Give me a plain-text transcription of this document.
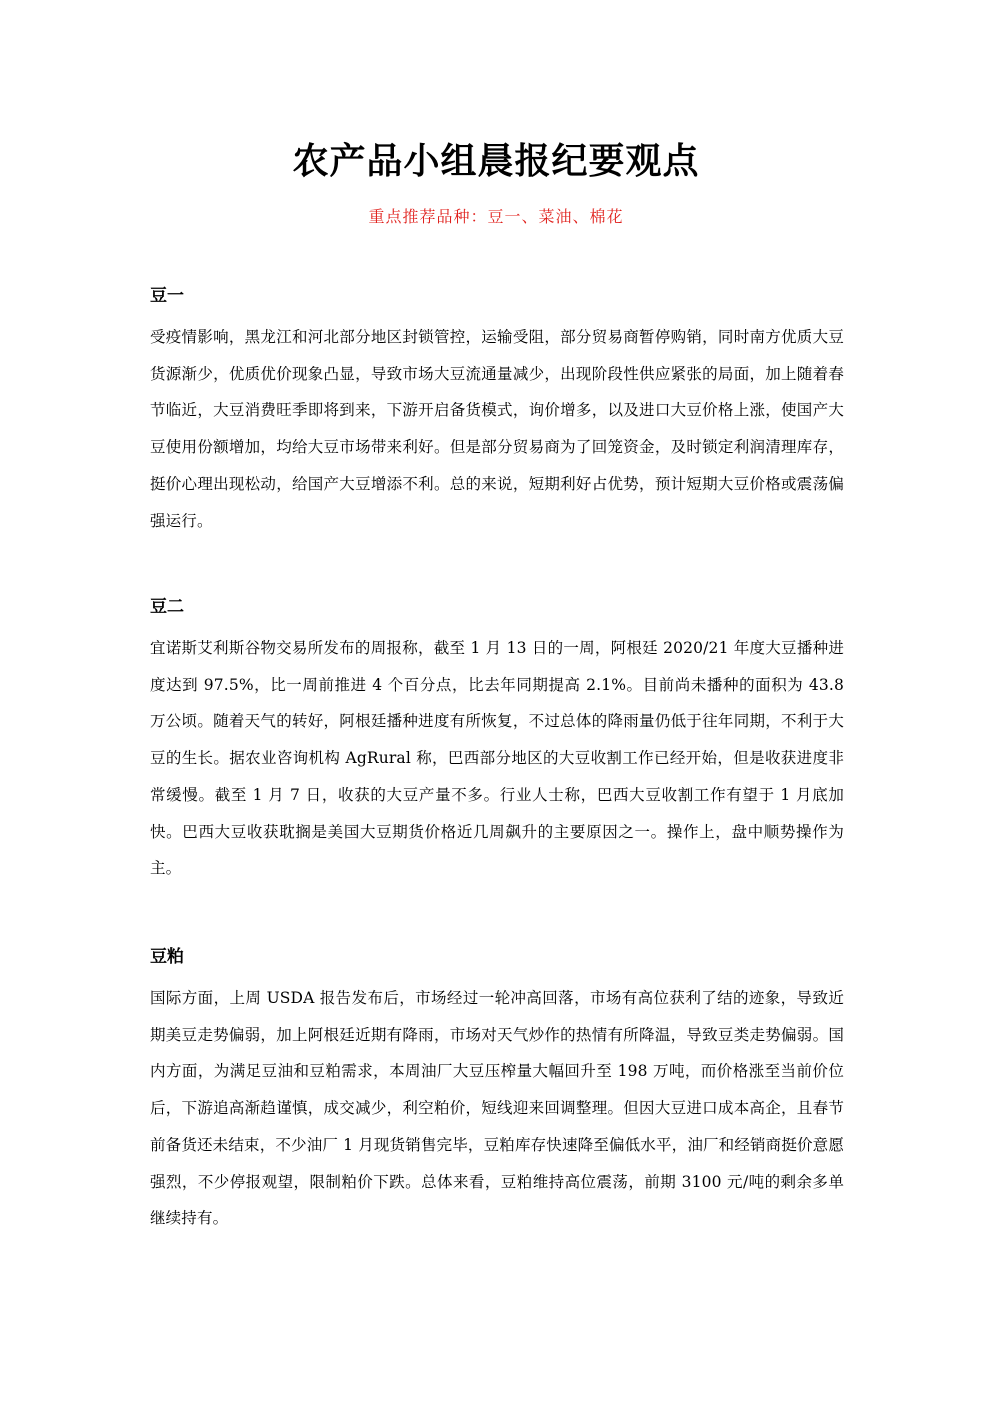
农产品小组晨报纪要观点

重点推荐品种：豆一、菜油、棉花

豆一

受疫情影响，黑龙江和河北部分地区封锁管控，运输受阻，部分贸易商暂停购销，同时南方优质大豆货源渐少，优质优价现象凸显，导致市场大豆流通量减少，出现阶段性供应紧张的局面，加上随着春节临近，大豆消费旺季即将到来，下游开启备货模式，询价增多，以及进口大豆价格上涨，使国产大豆使用份额增加，均给大豆市场带来利好。但是部分贸易商为了回笼资金，及时锁定利润清理库存，挺价心理出现松动，给国产大豆增添不利。总的来说，短期利好占优势，预计短期大豆价格或震荡偏强运行。

豆二

宜诺斯艾利斯谷物交易所发布的周报称，截至 1 月 13 日的一周，阿根廷 2020/21 年度大豆播种进度达到 97.5%，比一周前推进 4 个百分点，比去年同期提高 2.1%。目前尚未播种的面积为 43.8 万公顷。随着天气的转好，阿根廷播种进度有所恢复，不过总体的降雨量仍低于往年同期，不利于大豆的生长。据农业咨询机构 AgRural 称，巴西部分地区的大豆收割工作已经开始，但是收获进度非常缓慢。截至 1 月 7 日，收获的大豆产量不多。行业人士称，巴西大豆收割工作有望于 1 月底加快。巴西大豆收获耽搁是美国大豆期货价格近几周飙升的主要原因之一。操作上，盘中顺势操作为主。

豆粕

国际方面，上周 USDA 报告发布后，市场经过一轮冲高回落，市场有高位获利了结的迹象，导致近期美豆走势偏弱，加上阿根廷近期有降雨，市场对天气炒作的热情有所降温，导致豆类走势偏弱。国内方面，为满足豆油和豆粕需求，本周油厂大豆压榨量大幅回升至 198 万吨，而价格涨至当前价位后，下游追高渐趋谨慎，成交减少，利空粕价，短线迎来回调整理。但因大豆进口成本高企，且春节前备货还未结束，不少油厂 1 月现货销售完毕，豆粕库存快速降至偏低水平，油厂和经销商挺价意愿强烈，不少停报观望，限制粕价下跌。总体来看，豆粕维持高位震荡，前期 3100 元/吨的剩余多单继续持有。
